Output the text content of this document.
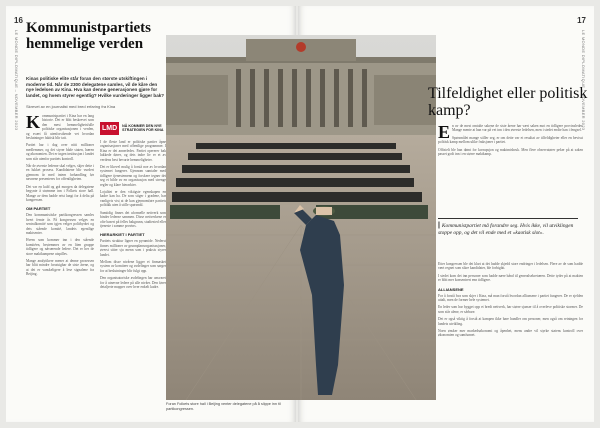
16
LE MONDE DIPLOMATIQUE – NOVEMBER 2023
Kommunistpartiets hemmelige verden
Kinas politiske elite står foran den største utskiftingen i moderne tid. Når de 2300 delegatene samles, vil de kåre den nye ledelsen av Kina. Hva kan denne generasjonen gjøre for landet, og hvem styrer egentlig? Hvilke vurderinger ligger bak?
Skrevet av en journalist med bred erfaring fra Kina

Kommunistpartiet i Kina har en lang historie. Det er blitt beskrevet som den mest hemmelighetsfulle politiske organisasjonen i verden, og svært få utenforstående vet hvordan beslutninger faktisk blir tatt.

Partiet har i dag over nitti millioner medlemmer, og det styrer både staten, hæren og økonomien. Det er ingen institusjon i landet som står utenfor partiets kontroll.

Når de øverste lederne skal velges, skjer dette i en lukket prosess. Kandidatene blir vurdert gjennom år med intern forhandling før navnene presenteres for offentligheten.

Det var en kald og grå morgen da delegatene begynte å strømme inn i Folkets store hall. Mange av dem hadde reist langt for å delta på kongressen.

OM PARTIET

Den kommunistiske partikongressen samles hvert femte år. På kongressen velges en sentralkomité som igjen velger politbyrået og dets stående komité, landets egentlige maktsenter.

Hvem som kommer inn i den stående komitéen, bestemmes av en liten gruppe tidligere og nåværende ledere. Det er her de store maktkampene utspilles.

Mange analytikere mener at denne prosessen har blitt mindre forutsigbar de siste årene, og at det er vanskeligere å lese signalene fra Beijing.

LMD	NÅ KOMMER DEN NYE STRATEGIEN FOR KINA

I de fleste land er politiske partier åpne organisasjoner med offentlige programmer. I Kina er det annerledes. Partiet opererer bak lukkede dører, og dets indre liv er et av verdens best bevarte hemmeligheter.

Det er likevel mulig å forstå noe av hvordan systemet fungerer. Gjennom samtaler med tidligere tjenestemenn og forskere tegner det seg et bilde av en organisasjon med strenge regler og klare hierarkier.

Lojalitet er den viktigste egenskapen en kadre kan ha. De som stiger i gradene, har vanligvis vist at de kan gjennomføre partiets politikk uten å stille spørsmål.

Samtidig finnes det uformelle nettverk som binder lederne sammen. Disse nettverkene er ofte basert på felles bakgrunn, studiested eller tjeneste i samme provins.

HIERARKIET I PARTIET

Partiets struktur ligner en pyramide. Nederst finnes millioner av grunnplansorganisasjoner, øverst sitter sju menn som i praksis styrer landet.

Mellom disse nivåene ligger et finmasket system av komiteer og avdelinger som sørger for at beslutninger blir fulgt opp.

Den organisatoriske avdelingen har ansvaret for å utnevne ledere på alle nivåer. Den fører detaljerte mapper over hver enkelt kadre.

17
LE MONDE DIPLOMATIQUE – NOVEMBER 2023
Foran Folkets store hall i Beijing venter delegatene på å slippe inn til partikongressen.
Tilfeldighet eller politisk kamp?

En av de mest omtalte sakene de siste årene har vært saken mot en tidligere provinsleder. Mange mente at han var på vei inn i den øverste ledelsen, men i stedet endte han i fengsel.

Spørsmålet mange stiller seg, er om dette var et resultat av tilfeldigheter eller en bevisst politisk kamp mellom ulike fraksjoner i partiet.

Offisielt ble han dømt for korrupsjon og maktmisbruk. Men flere observatører peker på at saken passet godt inn i en større maktkamp.

| Kommunistpartiet må forandre seg. Hvis ikke, vil utviklingen stoppe opp, og det vil ende med et «kaotisk slot».

Etter kongressen ble det klart at det hadde skjedd store endringer i ledelsen. Flere av de som hadde vært regnet som sikre kandidater, ble forbigått.

I stedet kom det inn personer som hadde nære bånd til generalsekretæren. Dette tyder på at makten er blitt mer konsentrert enn tidligere.

ALLIANSENE

For å forstå hva som skjer i Kina, må man forstå hvordan alliansene i partiet fungerer. De er sjelden uttalt, men de former hele systemet.

En leder som har bygget opp et bredt nettverk, har større sjanser til å overleve politiske stormer. De som står alene, er sårbare.

Det er også viktig å forstå at kampen ikke bare handler om personer, men også om retningen for landets utvikling.

Noen ønsker mer markedsøkonomi og åpenhet, mens andre vil styrke statens kontroll over økonomien og samfunnet.
